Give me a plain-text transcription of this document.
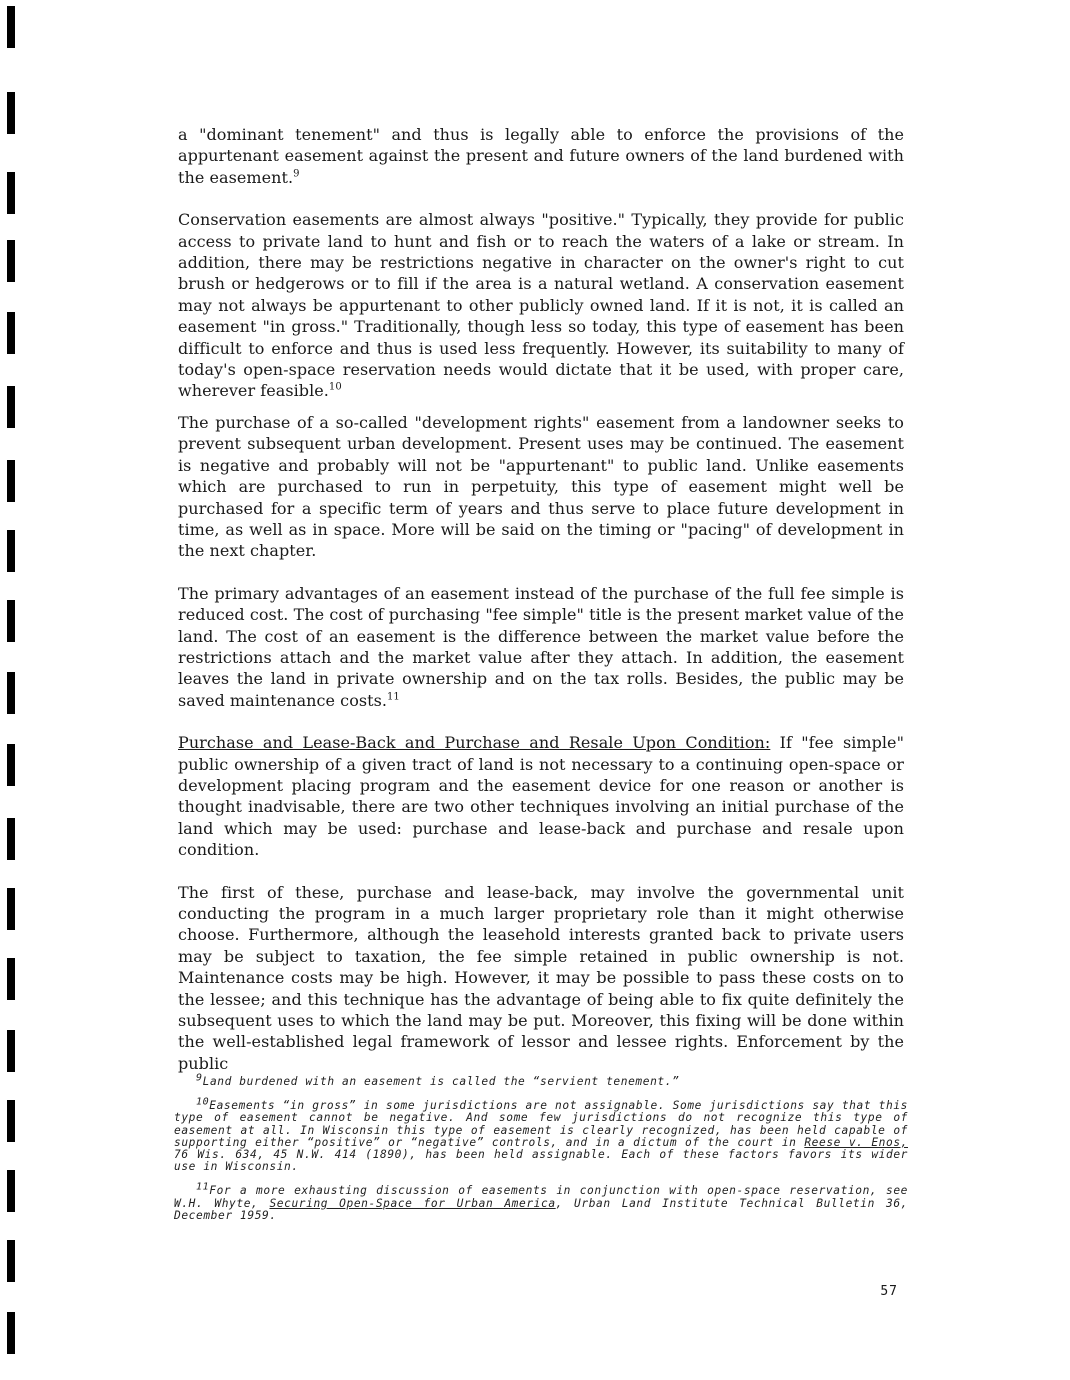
a "dominant tenement" and thus is legally able to enforce the provisions of the appurtenant easement against the present and future owners of the land burdened with the easement.$^9$

Conservation easements are almost always "positive." Typically, they provide for public access to private land to hunt and fish or to reach the waters of a lake or stream. In addition, there may be restrictions negative in character on the owner's right to cut brush or hedgerows or to fill if the area is a natural wetland. A conservation easement may not always be appurtenant to other publicly owned land. If it is not, it is called an easement "in gross." Traditionally, though less so today, this type of easement has been difficult to enforce and thus is used less frequently. However, its suitability to many of today's open-space reservation needs would dictate that it be used, with proper care, wherever feasible.$^{10}$

The purchase of a so-called "development rights" easement from a landowner seeks to prevent subsequent urban development. Present uses may be continued. The easement is negative and probably will not be "appurtenant" to public land. Unlike easements which are purchased to run in perpetuity, this type of easement might well be purchased for a specific term of years and thus serve to place future development in time, as well as in space. More will be said on the timing or "pacing" of development in the next chapter.

The primary advantages of an easement instead of the purchase of the full fee simple is reduced cost. The cost of purchasing "fee simple" title is the present market value of the land. The cost of an easement is the difference between the market value before the restrictions attach and the market value after they attach. In addition, the easement leaves the land in private ownership and on the tax rolls. Besides, the public may be saved maintenance costs.$^{11}$

Purchase and Lease-Back and Purchase and Resale Upon Condition: If "fee simple" public ownership of a given tract of land is not necessary to a continuing open-space or development placing program and the easement device for one reason or another is thought inadvisable, there are two other techniques involving an initial purchase of the land which may be used: purchase and lease-back and purchase and resale upon condition.

The first of these, purchase and lease-back, may involve the governmental unit conducting the program in a much larger proprietary role than it might otherwise choose. Furthermore, although the leasehold interests granted back to private users may be subject to taxation, the fee simple retained in public ownership is not. Maintenance costs may be high. However, it may be possible to pass these costs on to the lessee; and this technique has the advantage of being able to fix quite definitely the subsequent uses to which the land may be put. Moreover, this fixing will be done within the well-established legal framework of lessor and lessee rights. Enforcement by the public

9Land burdened with an easement is called the “servient tenement.”

10Easements “in gross” in some jurisdictions are not assignable. Some jurisdictions say that this type of easement cannot be negative. And some few jurisdictions do not recognize this type of easement at all. In Wisconsin this type of easement is clearly recognized, has been held capable of supporting either “positive” or “negative” controls, and in a dictum of the court in Reese v. Enos, 76 Wis. 634, 45 N.W. 414 (1890), has been held assignable. Each of these factors favors its wider use in Wisconsin.

11For a more exhausting discussion of easements in conjunction with open-space reservation, see W.H. Whyte, Securing Open-Space for Urban America, Urban Land Institute Technical Bulletin 36, December 1959.

57
